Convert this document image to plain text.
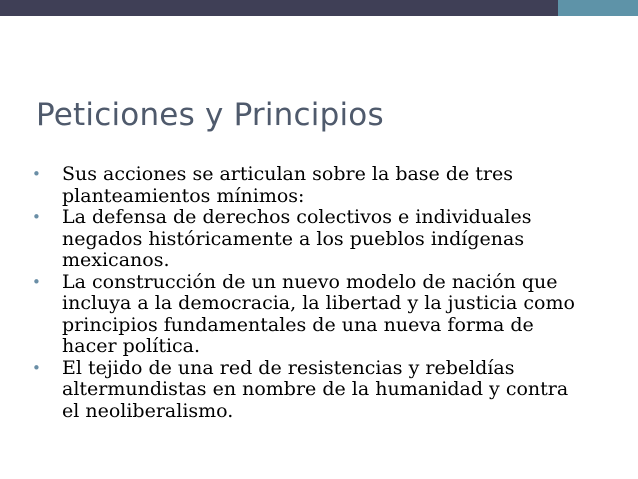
Peticiones y Principios
• Sus acciones se articulan sobre la base de tres
planteamientos mínimos:
• La defensa de derechos colectivos e individuales
negados históricamente a los pueblos indígenas
mexicanos.
• La construcción de un nuevo modelo de nación que
incluya a la democracia, la libertad y la justicia como
principios fundamentales de una nueva forma de
hacer política.
• El tejido de una red de resistencias y rebeldías
altermundistas en nombre de la humanidad y contra
el neoliberalismo.
